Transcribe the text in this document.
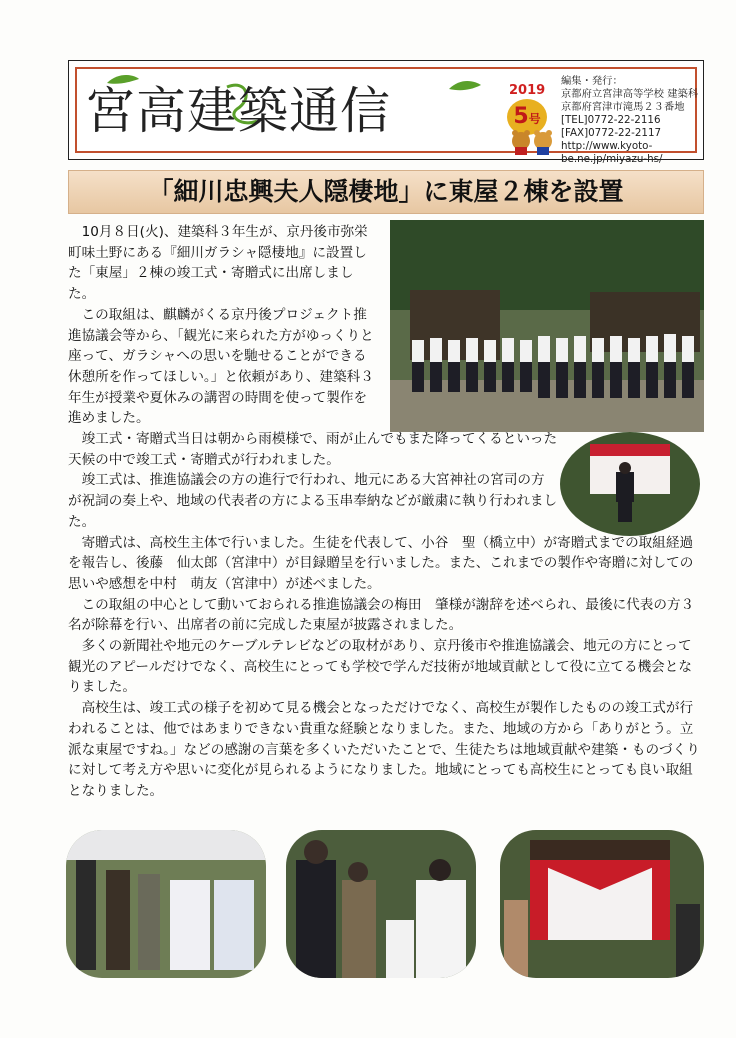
宮高建築通信	2019
5号
編集・発行：
京都府立宮津高等学校 建築科
京都府宮津市滝馬２３番地
[TEL]0772-22-2116
[FAX]0772-22-2117
http://www.kyoto-
be.ne.jp/miyazu-hs/
「細川忠興夫人隠棲地」に東屋２棟を設置

10月８日(火)、建築科３年生が、京丹後市弥栄町味土野にある『細川ガラシャ隠棲地』に設置した「東屋」２棟の竣工式・寄贈式に出席しました。

この取組は、麒麟がくる京丹後プロジェクト推進協議会等から、「観光に来られた方がゆっくりと座って、ガラシャへの思いを馳せることができる休憩所を作ってほしい。」と依頼があり、建築科３年生が授業や夏休みの講習の時間を使って製作を進めました。

竣工式・寄贈式当日は朝から雨模様で、雨が止んでもまた降ってくるといった天候の中で竣工式・寄贈式が行われました。

竣工式は、推進協議会の方の進行で行われ、地元にある大宮神社の宮司の方が祝詞の奏上や、地域の代表者の方による玉串奉納などが厳粛に執り行われました。

寄贈式は、高校生主体で行いました。生徒を代表して、小谷　聖（橋立中）が寄贈式までの取組経過を報告し、後藤　仙太郎（宮津中）が目録贈呈を行いました。また、これまでの製作や寄贈に対しての思いや感想を中村　萌友（宮津中）が述べました。

この取組の中心として動いておられる推進協議会の梅田　肇様が謝辞を述べられ、最後に代表の方３名が除幕を行い、出席者の前に完成した東屋が披露されました。

多くの新聞社や地元のケーブルテレビなどの取材があり、京丹後市や推進協議会、地元の方にとって観光のアピールだけでなく、高校生にとっても学校で学んだ技術が地域貢献として役に立てる機会となりました。

高校生は、竣工式の様子を初めて見る機会となっただけでなく、高校生が製作したものの竣工式が行われることは、他ではあまりできない貴重な経験となりました。また、地域の方から「ありがとう。立派な東屋ですね。」などの感謝の言葉を多くいただいたことで、生徒たちは地域貢献や建築・ものづくりに対して考え方や思いに変化が見られるようになりました。地域にとっても高校生にとっても良い取組となりました。
